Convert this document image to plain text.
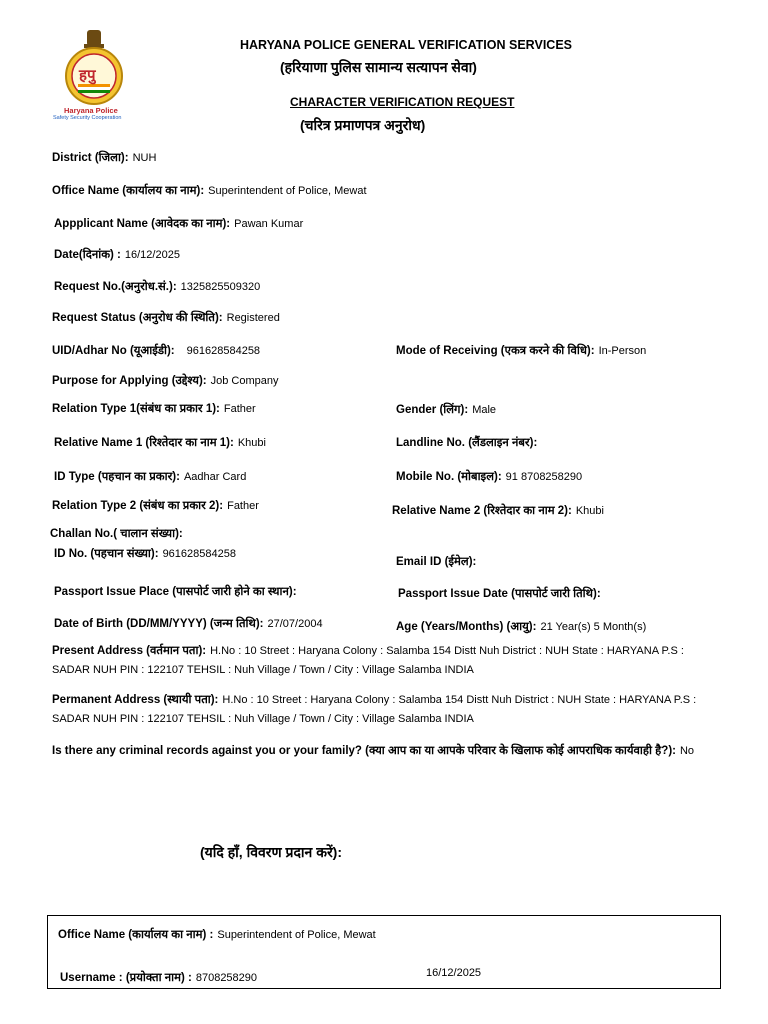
हपु
Haryana Police
Safety Security Cooperation
HARYANA POLICE GENERAL VERIFICATION SERVICES
(हरियाणा पुलिस सामान्य सत्यापन सेवा)
CHARACTER VERIFICATION REQUEST
(चरित्र प्रमाणपत्र अनुरोध)
District (जिला): NUH
Office Name (कार्यालय का नाम): Superintendent of Police, Mewat
Appplicant Name (आवेदक का नाम): Pawan Kumar
Date(दिनांक) : 16/12/2025
Request No.(अनुरोध.सं.): 1325825509320
Request Status (अनुरोध की स्थिति): Registered
UID/Adhar No (यूआईडी): 961628584258	Mode of Receiving (एकत्र करने की विधि): In-Person
Purpose for Applying (उद्देश्य): Job Company
Relation Type 1(संबंध का प्रकार 1): Father	Gender (लिंग): Male
Relative Name 1 (रिश्तेदार का नाम 1): Khubi	Landline No. (लैंडलाइन नंबर):
ID Type (पहचान का प्रकार): Aadhar Card	Mobile No. (मोबाइल): 91 8708258290
Relation Type 2 (संबंध का प्रकार 2): Father	Relative Name 2 (रिश्तेदार का नाम 2): Khubi
Challan No.( चालान संख्या):
ID No. (पहचान संख्या): 961628584258
Email ID (ईमेल):
Passport Issue Place (पासपोर्ट जारी होने का स्थान):	Passport Issue Date (पासपोर्ट जारी तिथि):
Date of Birth (DD/MM/YYYY) (जन्म तिथि): 27/07/2004	Age (Years/Months) (आयु): 21 Year(s) 5 Month(s)
Present Address (वर्तमान पता): H.No : 10 Street : Haryana Colony : Salamba 154 Distt Nuh District : NUH State : HARYANA P.S : SADAR NUH PIN : 122107 TEHSIL : Nuh Village / Town / City : Village Salamba INDIA
Permanent Address (स्थायी पता): H.No : 10 Street : Haryana Colony : Salamba 154 Distt Nuh District : NUH State : HARYANA P.S : SADAR NUH PIN : 122107 TEHSIL : Nuh Village / Town / City : Village Salamba INDIA
Is there any criminal records against you or your family? (क्या आप का या आपके परिवार के खिलाफ कोई आपराधिक कार्यवाही है?): No
(यदि हाँ, विवरण प्रदान करें):
Office Name (कार्यालय का नाम) : Superintendent of Police, Mewat
Username : (प्रयोक्ता नाम) : 8708258290	16/12/2025
